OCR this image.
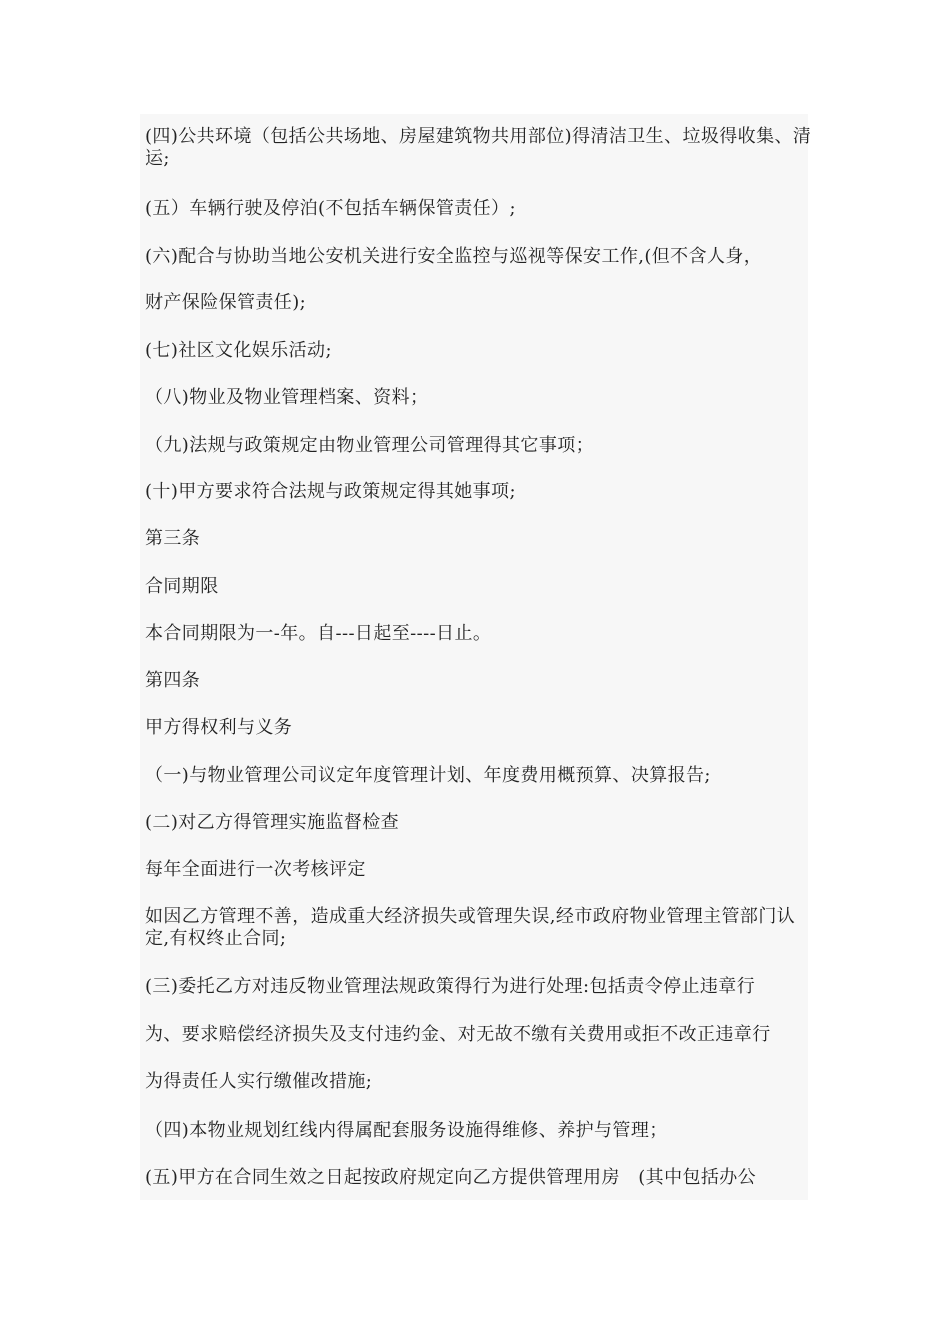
(四)公共环境（包括公共场地、房屋建筑物共用部位)得清洁卫生、垃圾得收集、清运;
(五）车辆行驶及停泊(不包括车辆保管责任）;
(六)配合与协助当地公安机关进行安全监控与巡视等保安工作,(但不含人身，
财产保险保管责任);
(七)社区文化娱乐活动;
（八)物业及物业管理档案、资料；
（九)法规与政策规定由物业管理公司管理得其它事项；
(十)甲方要求符合法规与政策规定得其她事项;
第三条
合同期限
本合同期限为一-年。自---日起至----日止。
第四条
甲方得权利与义务
（一)与物业管理公司议定年度管理计划、年度费用概预算、决算报告;
(二)对乙方得管理实施监督检查
每年全面进行一次考核评定
如因乙方管理不善，造成重大经济损失或管理失误,经市政府物业管理主管部门认定,有权终止合同;
(三)委托乙方对违反物业管理法规政策得行为进行处理:包括责令停止违章行
为、要求赔偿经济损失及支付违约金、对无故不缴有关费用或拒不改正违章行
为得责任人实行缴催改措施;
（四)本物业规划红线内得属配套服务设施得维修、养护与管理；
(五)甲方在合同生效之日起按政府规定向乙方提供管理用房　(其中包括办公
